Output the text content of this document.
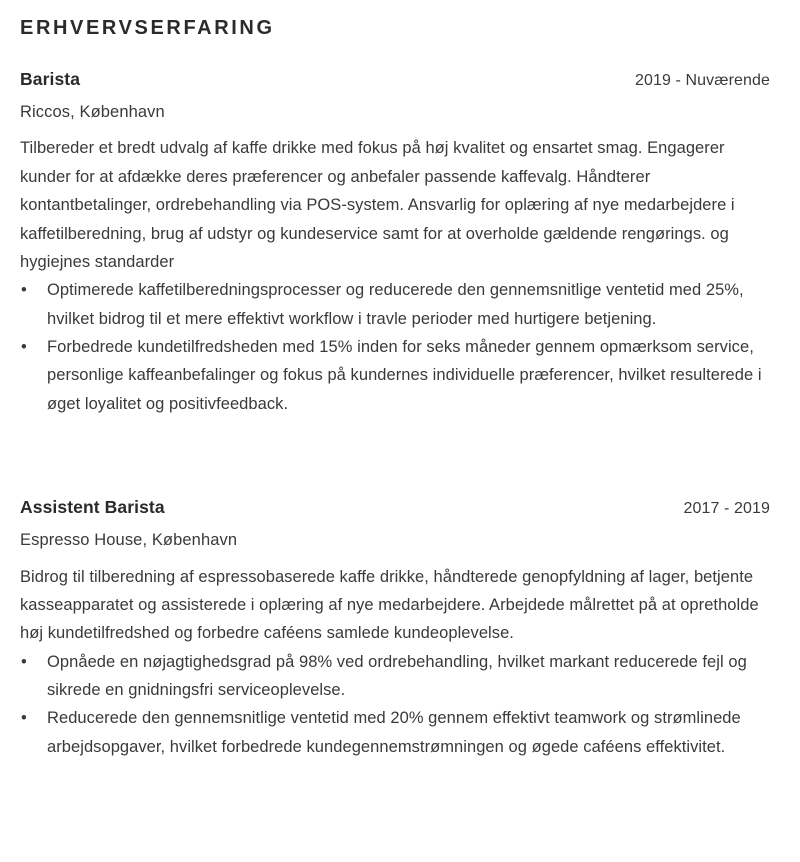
ERHVERVSERFARING
Barista	2019 - Nuværende
Riccos, København

Tilbereder et bredt udvalg af kaffe drikke med fokus på høj kvalitet og ensartet smag. Engagerer kunder for at afdække deres præferencer og anbefaler passende kaffevalg. Håndterer kontantbetalinger, ordrebehandling via POS-system. Ansvarlig for oplæring af nye medarbejdere i kaffetilberedning, brug af udstyr og kundeservice samt for at overholde gældende rengørings. og hygiejnes standarder

• Optimerede kaffetilberedningsprocesser og reducerede den gennemsnitlige ventetid med 25%, hvilket bidrog til et mere effektivt workflow i travle perioder med hurtigere betjening.
• Forbedrede kundetilfredsheden med 15% inden for seks måneder gennem opmærksom service, personlige kaffeanbefalinger og fokus på kundernes individuelle præferencer, hvilket resulterede i øget loyalitet og positivfeedback.
Assistent Barista	2017 - 2019
Espresso House, København

Bidrog til tilberedning af espressobaserede kaffe drikke, håndterede genopfyldning af lager, betjente kasseapparatet og assisterede i oplæring af nye medarbejdere. Arbejdede målrettet på at opretholde høj kundetilfredshed og forbedre caféens samlede kundeoplevelse.

• Opnåede en nøjagtighedsgrad på 98% ved ordrebehandling, hvilket markant reducerede fejl og sikrede en gnidningsfri serviceoplevelse.
• Reducerede den gennemsnitlige ventetid med 20% gennem effektivt teamwork og strømlinede arbejdsopgaver, hvilket forbedrede kundegennemstrømningen og øgede caféens effektivitet.
